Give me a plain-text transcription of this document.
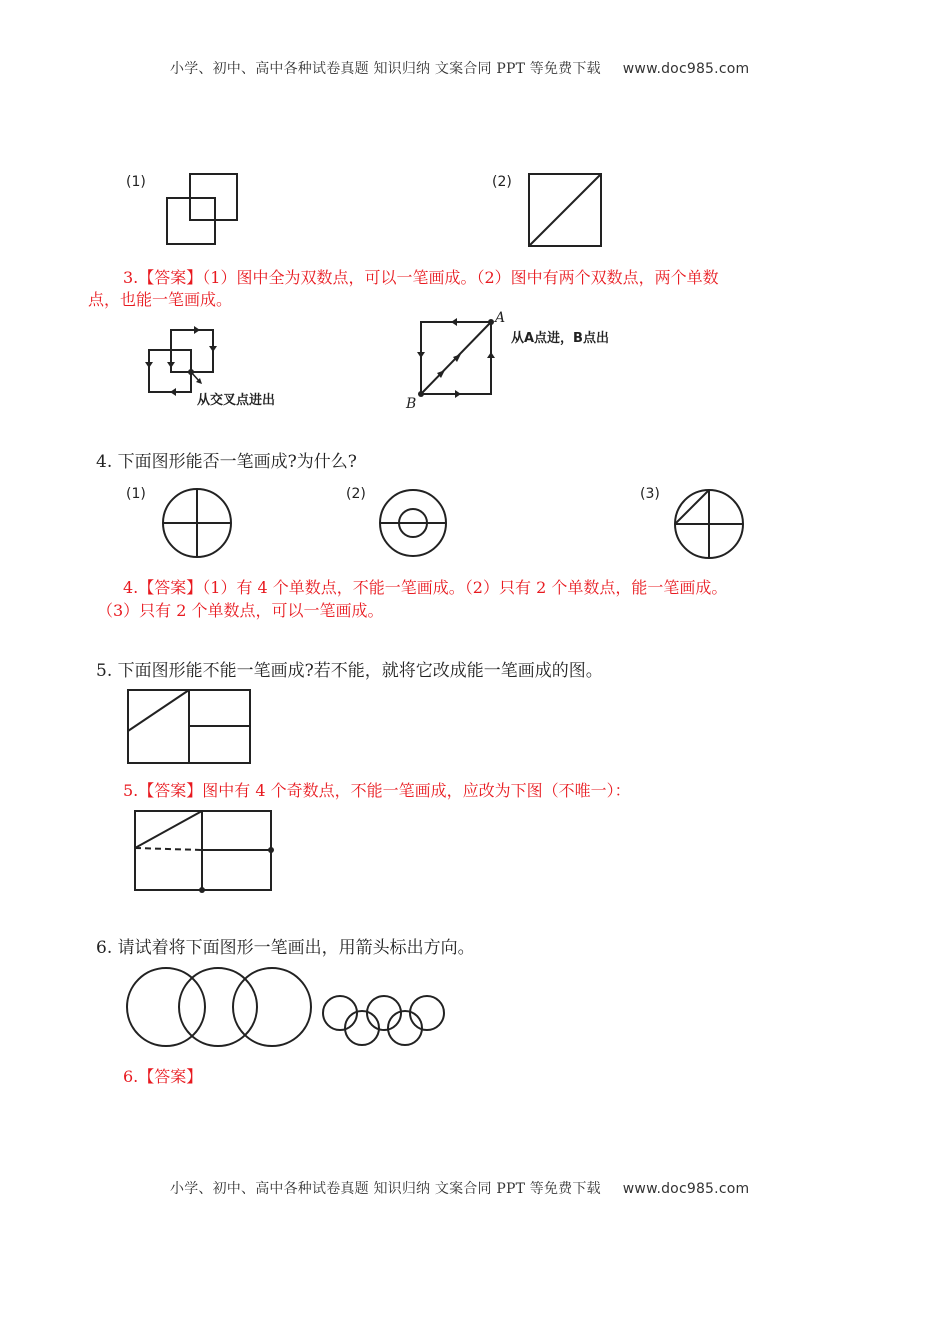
小学、初中、高中各种试卷真题 知识归纳 文案合同 PPT 等免费下载 www.doc985.com
(1)	(2)
3.【答案】（1）图中全为双数点，可以一笔画成。（2）图中有两个双数点，两个单数
点，也能一笔画成。
从交叉点进出
A
B
从A点进，B点出
4. 下面图形能否一笔画成?为什么?
(1)	(2)	(3)
4.【答案】（1）有 4 个单数点，不能一笔画成。（2）只有 2 个单数点，能一笔画成。
（3）只有 2 个单数点，可以一笔画成。
5. 下面图形能不能一笔画成?若不能，就将它改成能一笔画成的图。
5.【答案】图中有 4 个奇数点，不能一笔画成，应改为下图（不唯一）：
6. 请试着将下面图形一笔画出，用箭头标出方向。
6.【答案】
小学、初中、高中各种试卷真题 知识归纳 文案合同 PPT 等免费下载 www.doc985.com
